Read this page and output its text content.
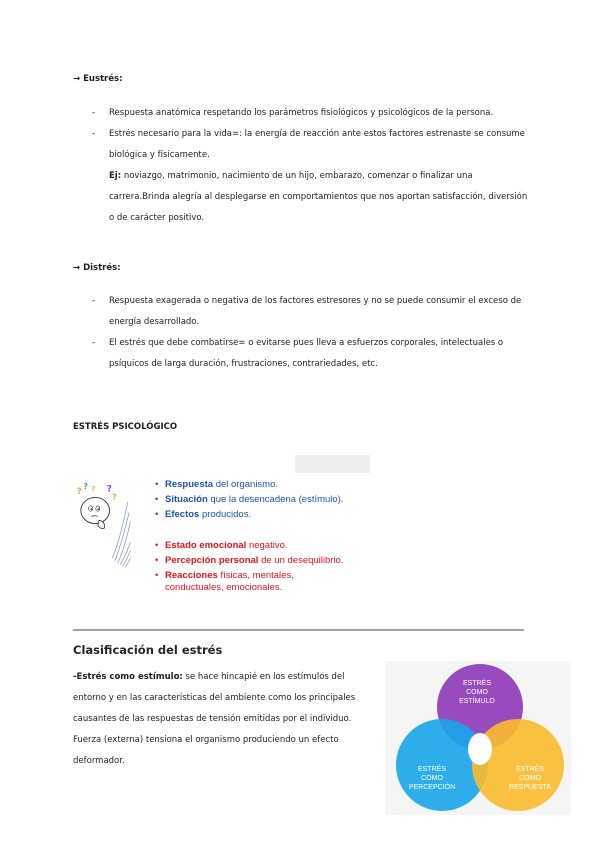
→ Eustrés:
- Respuesta anatómica respetando los parámetros fisiológicos y psicológicos de la persona.
- Estrés necesario para la vida=: la energía de reacción ante estos factores estrenaste se consume biológica y físicamente.
Ej: noviazgo, matrimonio, nacimiento de un hijo, embarazo, comenzar o finalizar una carrera.Brinda alegría al desplegarse en comportamientos que nos aportan satisfacción, diversión o de carácter positivo.
→ Distrés:
- Respuesta exagerada o negativa de los factores estresores y no se puede consumir el exceso de energía desarrollado.
- El estrés que debe combatirse= o evitarse pues lleva a esfuerzos corporales, intelectuales o psíquicos de larga duración, frustraciones, contrariedades, etc.
ESTRÉS PSICOLÓGICO
? ? ? ?
?
• Respuesta del organismo.
• Situación que la desencadena (estímulo).
• Efectos producidos.
• Estado emocional negativo.
• Percepción personal de un desequilibrio.
• Reacciones físicas, mentales,
conductuales, emocionales.
Clasificación del estrés
-Estrés como estímulo: se hace hincapié en los estímulos del entorno y en las características del ambiente como los principales causantes de las respuestas de tensión emitidas por el individuo. Fuerza (externa) tensiona el organismo produciendo un efecto deformador.
ESTRÉS
COMO
ESTÍMULO
ESTRÉS
COMO
PERCEPCIÓN
ESTRÉS
COMO
RESPUESTA
